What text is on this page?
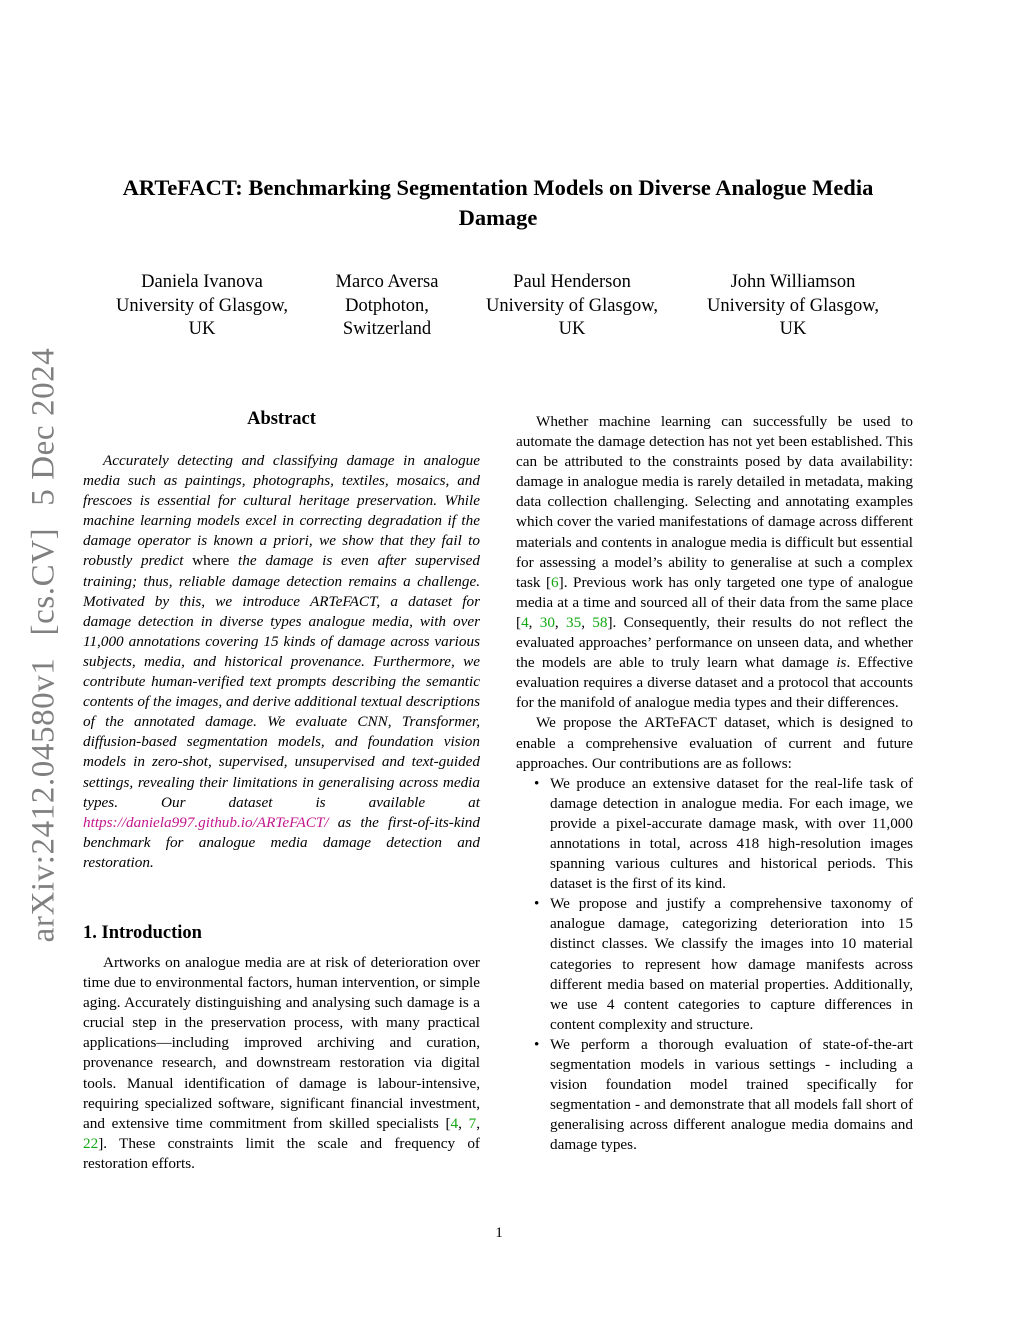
arXiv:2412.04580v1[cs.CV]5 Dec 2024
ARTeFACT: Benchmarking Segmentation Models on Diverse Analogue Media Damage
Daniela Ivanova
University of Glasgow,
UK
Marco Aversa
Dotphoton,
Switzerland
Paul Henderson
University of Glasgow,
UK
John Williamson
University of Glasgow,
UK
Abstract

Accurately detecting and classifying damage in analogue media such as paintings, photographs, textiles, mosaics, and frescoes is essential for cultural heritage preservation. While machine learning models excel in correcting degradation if the damage operator is known a priori, we show that they fail to robustly predict where the damage is even after supervised training; thus, reliable damage detection remains a challenge. Motivated by this, we introduce ARTeFACT, a dataset for damage detection in diverse types analogue media, with over 11,000 annotations covering 15 kinds of damage across various subjects, media, and historical provenance. Furthermore, we contribute human-verified text prompts describing the semantic contents of the images, and derive additional textual descriptions of the annotated damage. We evaluate CNN, Transformer, diffusion-based segmentation models, and foundation vision models in zero-shot, supervised, unsupervised and text-guided settings, revealing their limitations in generalising across media types. Our dataset is available at https://daniela997.github.io/ARTeFACT/ as the first-of-its-kind benchmark for analogue media damage detection and restoration.

1. Introduction

Artworks on analogue media are at risk of deterioration over time due to environmental factors, human intervention, or simple aging. Accurately distinguishing and analysing such damage is a crucial step in the preservation process, with many practical applications—including improved archiving and curation, provenance research, and downstream restoration via digital tools. Manual identification of damage is labour-intensive, requiring specialized software, significant financial investment, and extensive time commitment from skilled specialists [4, 7, 22]. These constraints limit the scale and frequency of restoration efforts.

Whether machine learning can successfully be used to automate the damage detection has not yet been established. This can be attributed to the constraints posed by data availability: damage in analogue media is rarely detailed in metadata, making data collection challenging. Selecting and annotating examples which cover the varied manifestations of damage across different materials and contents in analogue media is difficult but essential for assessing a model’s ability to generalise at such a complex task [6]. Previous work has only targeted one type of analogue media at a time and sourced all of their data from the same place [4, 30, 35, 58]. Consequently, their results do not reflect the evaluated approaches’ performance on unseen data, and whether the models are able to truly learn what damage is. Effective evaluation requires a diverse dataset and a protocol that accounts for the manifold of analogue media types and their differences.

We propose the ARTeFACT dataset, which is designed to enable a comprehensive evaluation of current and future approaches. Our contributions are as follows:

• We produce an extensive dataset for the real-life task of damage detection in analogue media. For each image, we provide a pixel-accurate damage mask, with over 11,000 annotations in total, across 418 high-resolution images spanning various cultures and historical periods. This dataset is the first of its kind.
• We propose and justify a comprehensive taxonomy of analogue damage, categorizing deterioration into 15 distinct classes. We classify the images into 10 material categories to represent how damage manifests across different media based on material properties. Additionally, we use 4 content categories to capture differences in content complexity and structure.
• We perform a thorough evaluation of state-of-the-art segmentation models in various settings - including a vision foundation model trained specifically for segmentation - and demonstrate that all models fall short of generalising across different analogue media domains and damage types.
1
